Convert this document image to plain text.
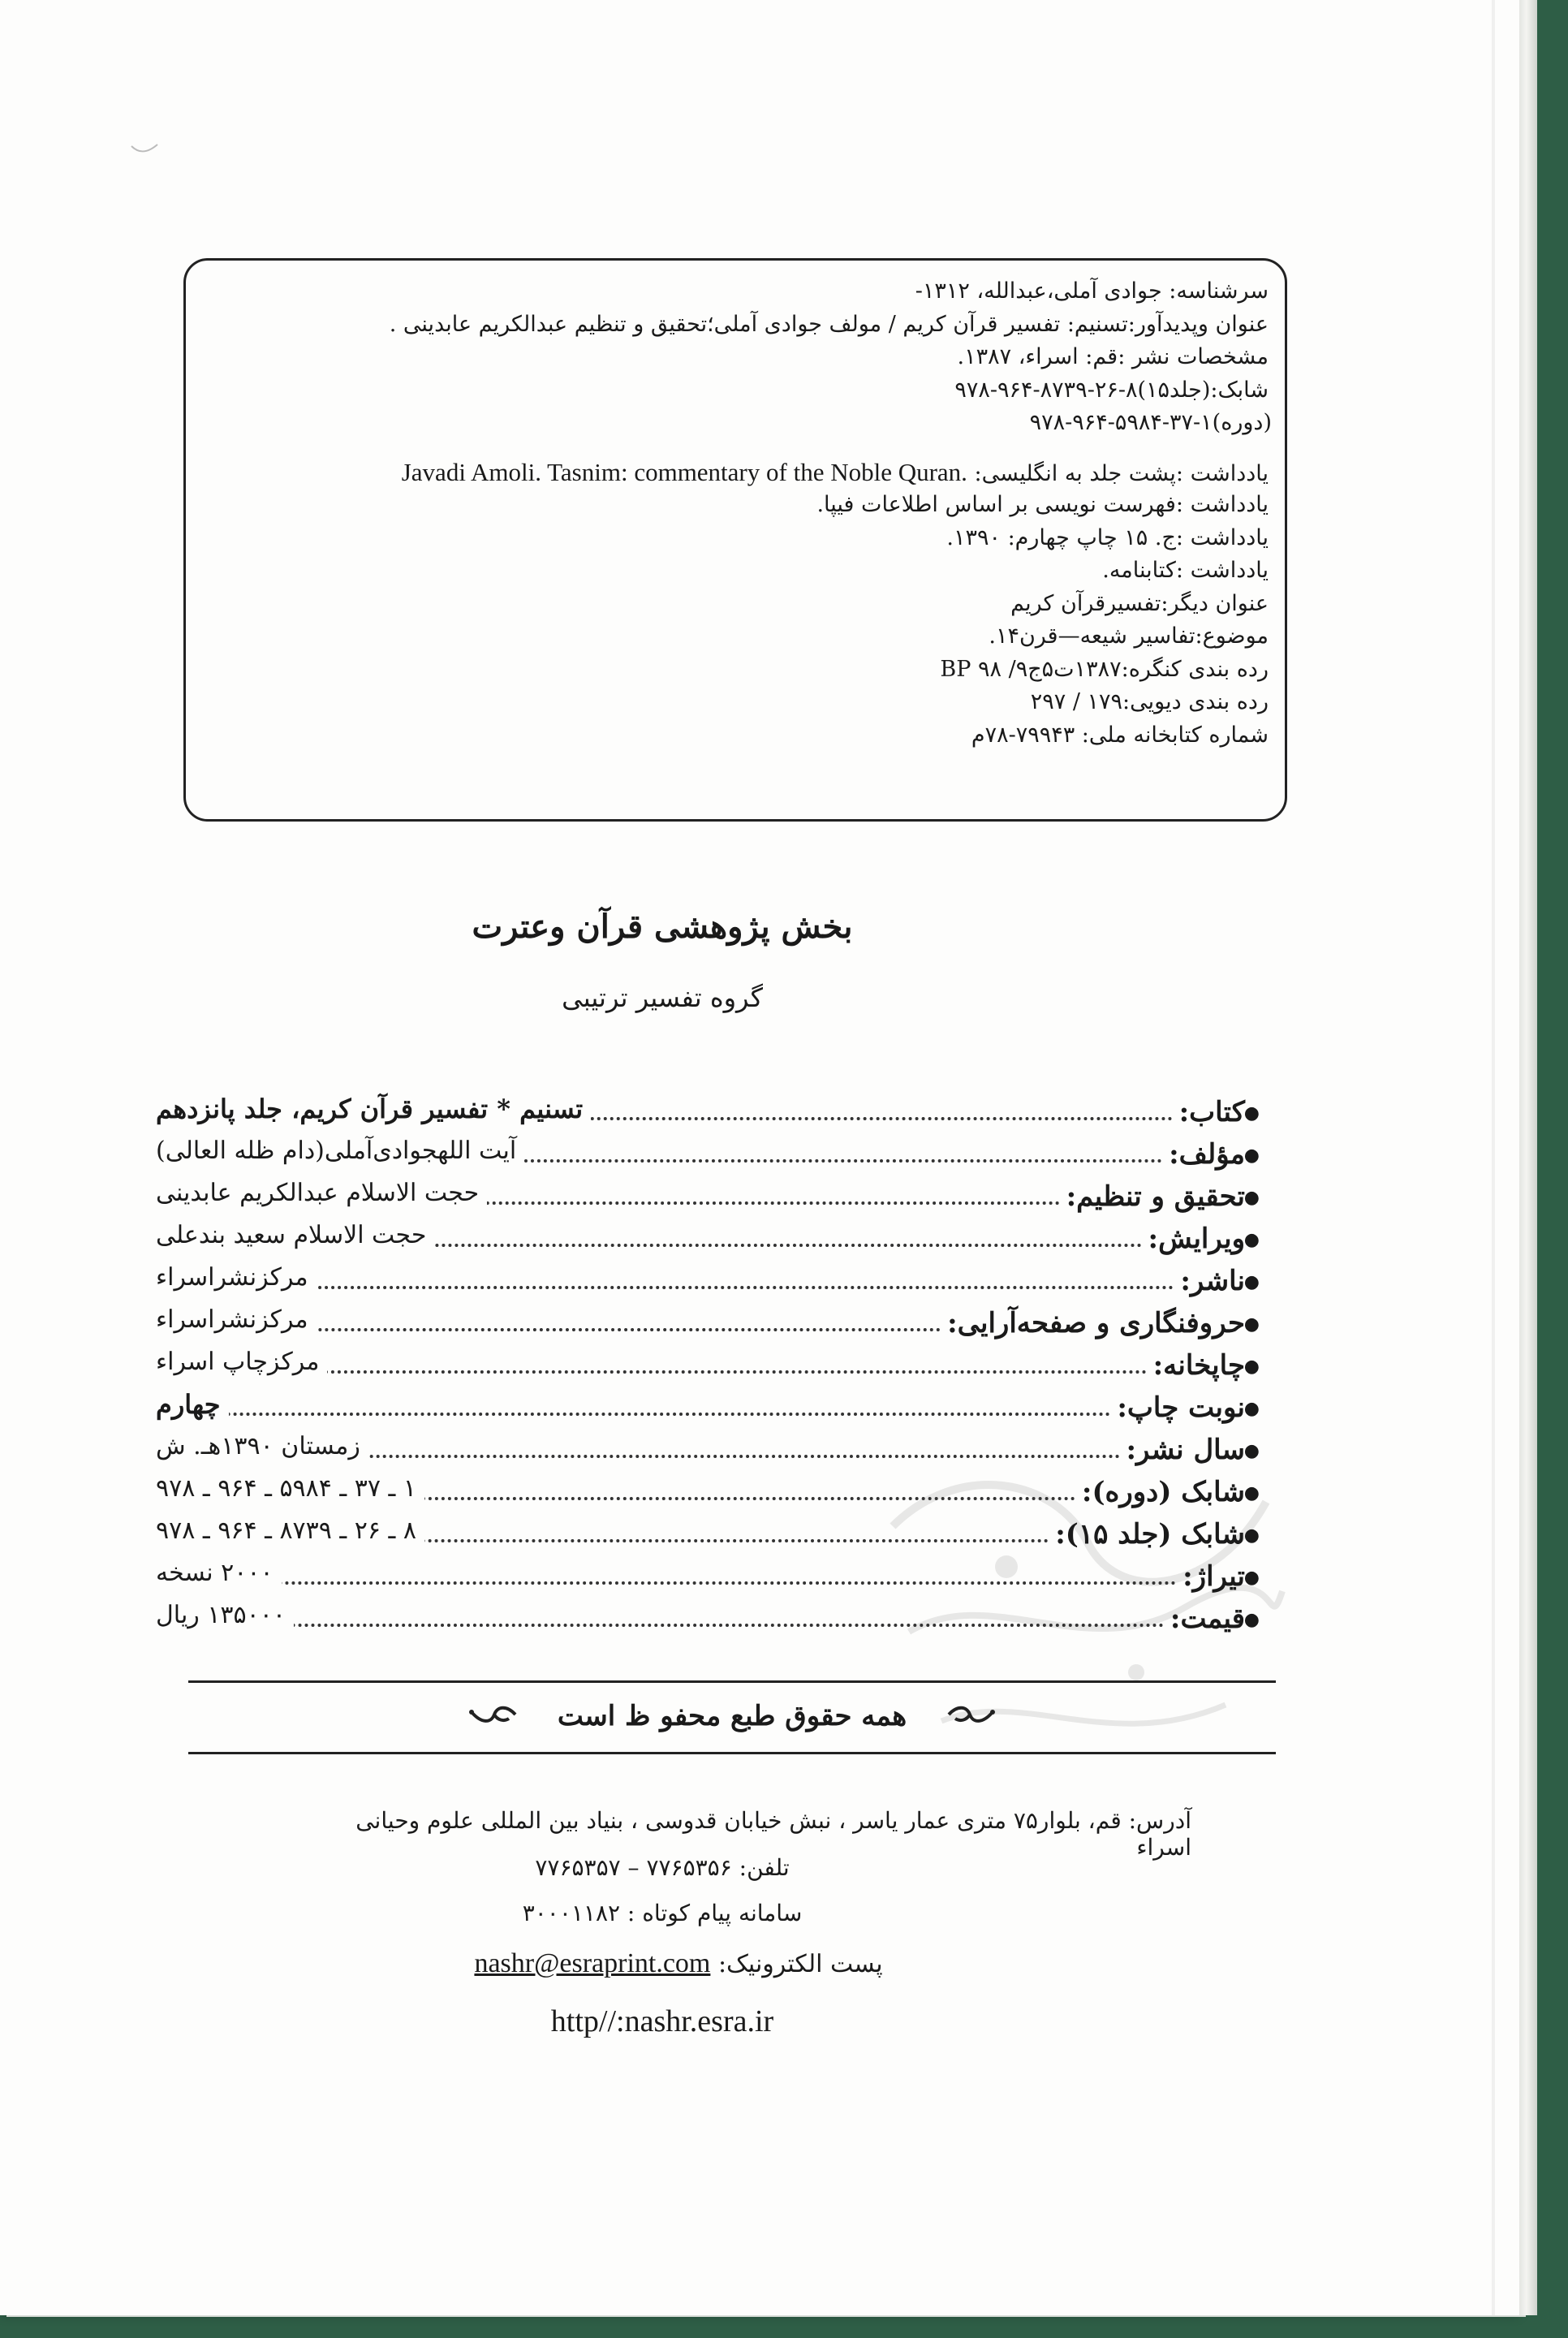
سرشناسه: جوادی آملی،عبدالله، ۱۳۱۲-
عنوان وپدیدآور:تسنیم: تفسیر قرآن کریم / مولف جوادی آملی؛تحقیق و تنظیم عبدالکریم عابدینی .
مشخصات نشر :قم: اسراء، ۱۳۸۷.
شابک:(جلد۱۵)۸-۲۶-۸۷۳۹-۹۶۴-۹۷۸
(دوره)۱-۳۷-۵۹۸۴-۹۶۴-۹۷۸
یادداشت :پشت جلد به انگلیسی: Javadi Amoli. Tasnim: commentary of the Noble Quran.
یادداشت :فهرست نویسی بر اساس اطلاعات فیپا.
یادداشت :ج. ۱۵ چاپ چهارم: ۱۳۹۰.
یادداشت :کتابنامه.
عنوان دیگر:تفسیرقرآن کریم
موضوع:تفاسیر شیعه—قرن۱۴.
رده بندی کنگره:۱۳۸۷ت۵ج۹/ BP ۹۸
رده بندی دیویی:۱۷۹ / ۲۹۷
شماره کتابخانه ملی: ۷۹۹۴۳-۷۸م
بخش پژوهشی قرآن وعترت
گروه تفسیر ترتیبی
●
کتاب:
تسنیم * تفسیر قرآن کریم، جلد پانزدهم
●
مؤلف:
آیت اللهجوادی‌آملی(دام ظله العالی)
●
تحقیق و تنظیم:
حجت الاسلام عبدالکریم عابدینی
●
ویرایش:
حجت الاسلام سعید بندعلی
●
ناشر:
مرکزنشراسراء
●
حروفنگاری و صفحه‌آرایی:
مرکزنشراسراء
●
چاپخانه:
مرکزچاپ اسراء
●
نوبت چاپ:
چهارم
●
سال نشر:
زمستان ۱۳۹۰هـ. ش
●
شابک (دوره):
۱ ـ ۳۷ ـ ۵۹۸۴ ـ ۹۶۴ ـ ۹۷۸
●
شابک (جلد ۱۵):
۸ ـ ۲۶ ـ ۸۷۳۹ ـ ۹۶۴ ـ ۹۷۸
●
تیراژ:
۲۰۰۰ نسخه
●
قیمت:
۱۳۵۰۰۰ ریال
همه حقوق طبع محفو ظ است
آدرس: قم، بلوار۷۵ متری عمار یاسر ، نبش خیابان قدوسی ، بنیاد بین المللی علوم وحیانی اسراء
تلفن: ۷۷۶۵۳۵۶ – ۷۷۶۵۳۵۷
سامانه پیام کوتاه : ۳۰۰۰۱۱۸۲
پست الکترونیک: nashr@esraprint.com
http//:nashr.esra.ir
